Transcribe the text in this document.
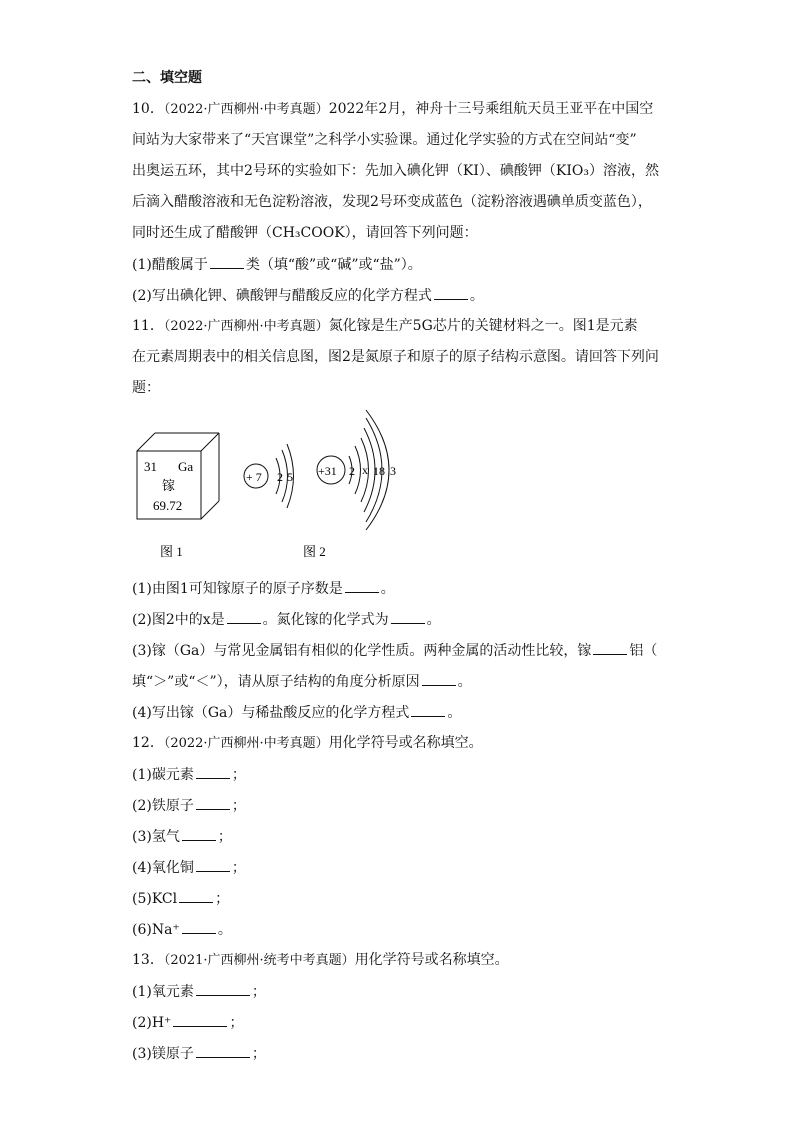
二、填空题
10．（2022·广西柳州·中考真题）2022年2月，神舟十三号乘组航天员王亚平在中国空
间站为大家带来了“天宫课堂”之科学小实验课。通过化学实验的方式在空间站“变”
出奥运五环，其中2号环的实验如下：先加入碘化钾（KI）、碘酸钾（KIO₃）溶液，然
后滴入醋酸溶液和无色淀粉溶液，发现2号环变成蓝色（淀粉溶液遇碘单质变蓝色），
同时还生成了醋酸钾（CH₃COOK），请回答下列问题：
(1)醋酸属于	类（填“酸”或“碱”或“盐”）。
(2)写出碘化钾、碘酸钾与醋酸反应的化学方程式	。
11．（2022·广西柳州·中考真题）氮化镓是生产5G芯片的关键材料之一。图1是元素
在元素周期表中的相关信息图，图2是氮原子和原子的原子结构示意图。请回答下列问
题：
31 Ga
镓
69.72
+ 7 2 5 +31 2 x 18 3
图 1	图 2
(1)由图1可知镓原子的原子序数是	。
(2)图2中的x是	。氮化镓的化学式为	。
(3)镓（Ga）与常见金属铝有相似的化学性质。两种金属的活动性比较，镓	铝（
填“＞”或“＜”），请从原子结构的角度分析原因	。
(4)写出镓（Ga）与稀盐酸反应的化学方程式	。
12．（2022·广西柳州·中考真题）用化学符号或名称填空。
(1)碳元素	；
(2)铁原子	；
(3)氢气	；
(4)氧化铜	；
(5)KCl	；
(6)Na⁺	。
13．（2021·广西柳州·统考中考真题）用化学符号或名称填空。
(1)氧元素	；
(2)H⁺	；
(3)镁原子	；
